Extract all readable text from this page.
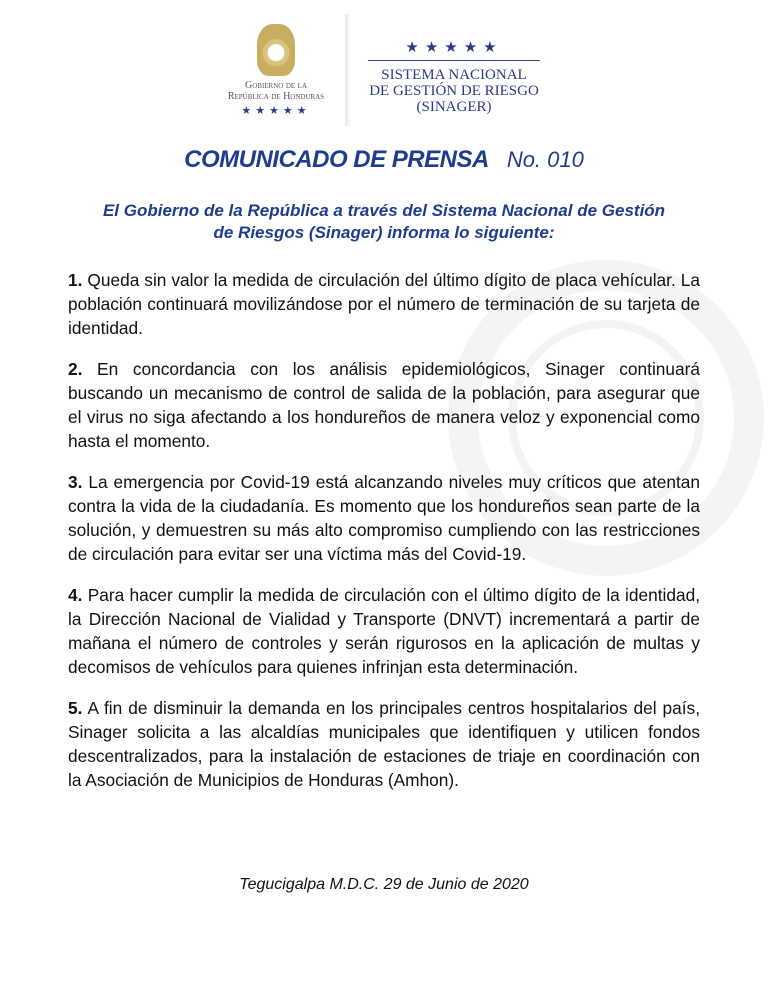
Gobierno de la
República de Honduras
★★★★★
★★★★★
SISTEMA NACIONAL
DE GESTIÓN DE RIESGO
(SINAGER)
COMUNICADO DE PRENSA No. 010
El Gobierno de la República a través del Sistema Nacional de Gestión
de Riesgos (Sinager) informa lo siguiente:

1. Queda sin valor la medida de circulación del último dígito de placa vehícular. La población continuará movilizándose por el número de terminación de su tarjeta de identidad.

2. En concordancia con los análisis epidemiológicos, Sinager continuará buscando un mecanismo de control de salida de la población, para asegurar que el virus no siga afectando a los hondureños de manera veloz y exponencial como hasta el momento.

3. La emergencia por Covid-19 está alcanzando niveles muy críticos que atentan contra la vida de la ciudadanía. Es momento que los hondureños sean parte de la solución, y demuestren su más alto compromiso cumpliendo con las restricciones de circulación para evitar ser una víctima más del Covid-19.

4. Para hacer cumplir la medida de circulación con el último dígito de la identidad, la Dirección Nacional de Vialidad y Transporte (DNVT) incrementará a partir de mañana el número de controles y serán rigurosos en la aplicación de multas y decomisos de vehículos para quienes infrinjan esta determinación.

5. A fin de disminuir la demanda en los principales centros hospitalarios del país, Sinager solicita a las alcaldías municipales que identifiquen y utilicen fondos descentralizados, para la instalación de estaciones de triaje en coordinación con la Asociación de Municipios de Honduras (Amhon).

Tegucigalpa M.D.C. 29 de Junio de 2020
